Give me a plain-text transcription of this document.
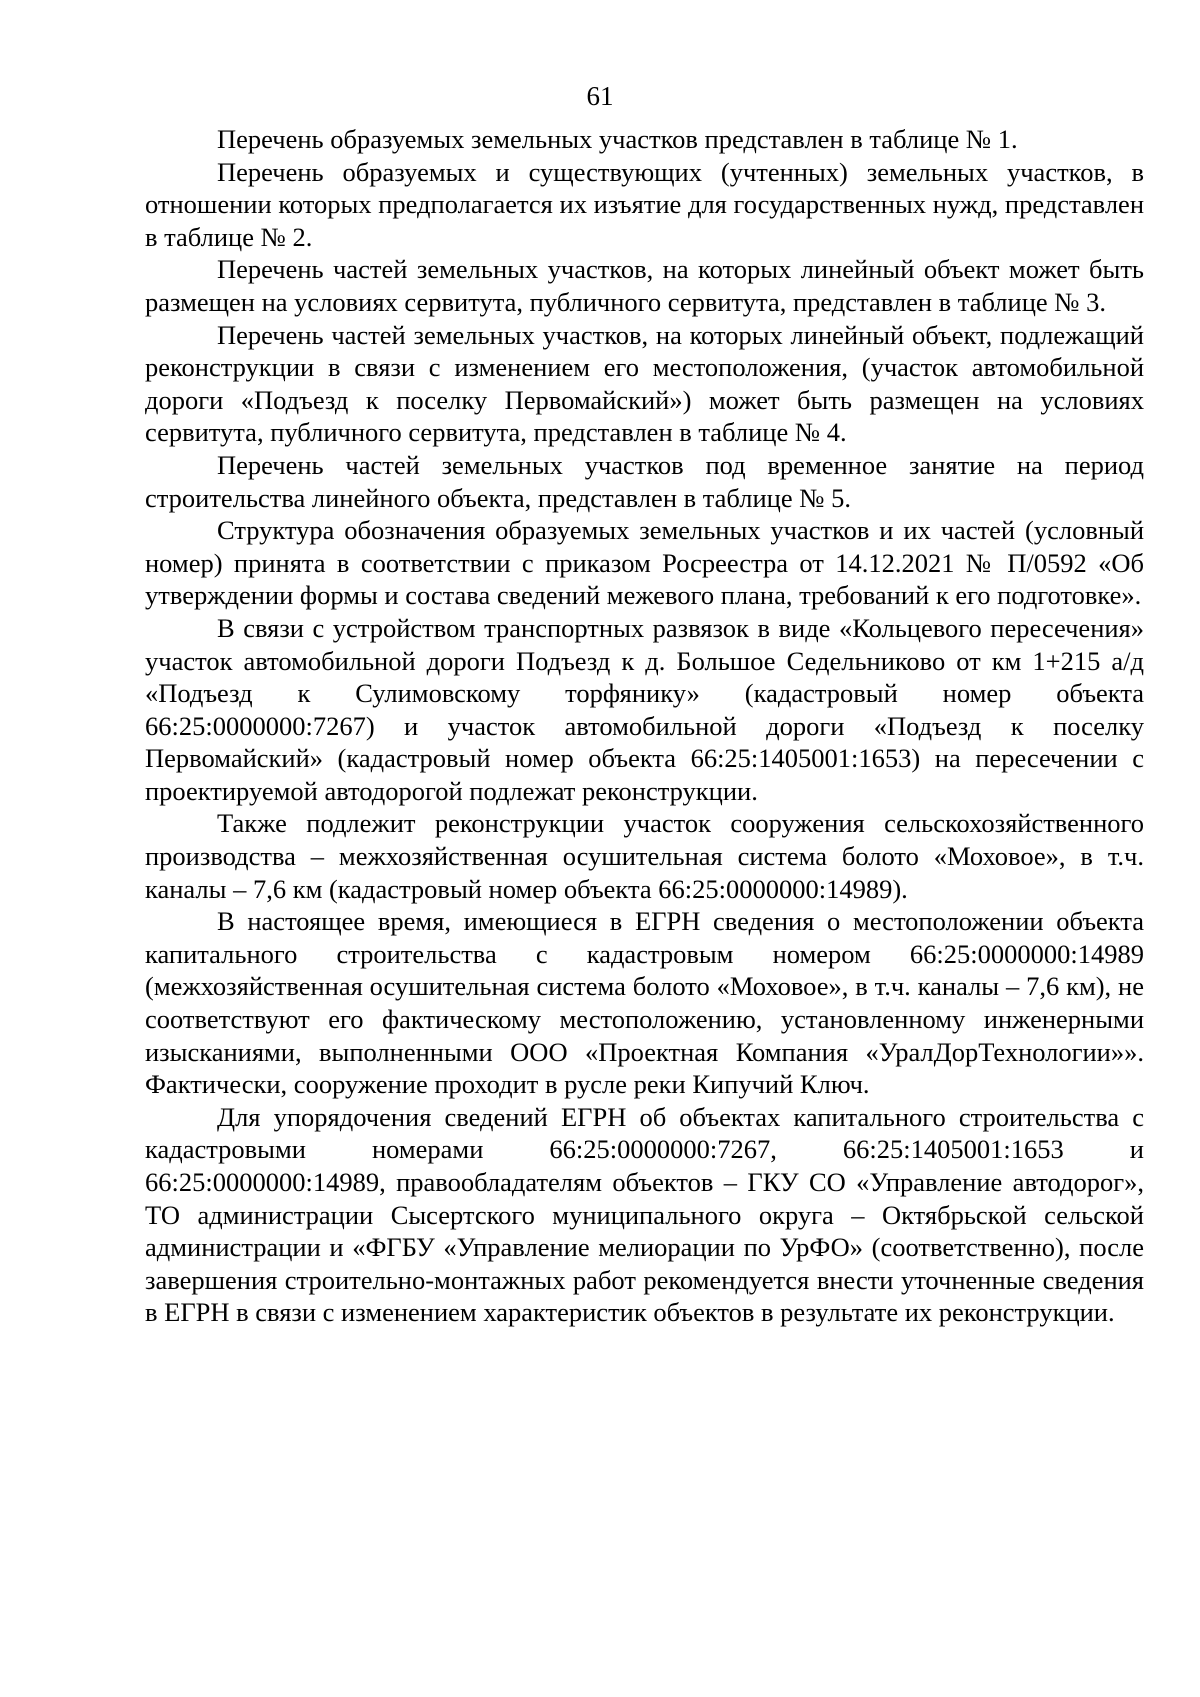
61

Перечень образуемых земельных участков представлен в таблице № 1.

Перечень образуемых и существующих (учтенных) земельных участков, в отношении которых предполагается их изъятие для государственных нужд, представлен в таблице № 2.

Перечень частей земельных участков, на которых линейный объект может быть размещен на условиях сервитута, публичного сервитута, представлен в таблице № 3.

Перечень частей земельных участков, на которых линейный объект, подлежащий реконструкции в связи с изменением его местоположения, (участок автомобильной дороги «Подъезд к поселку Первомайский») может быть размещен на условиях сервитута, публичного сервитута, представлен в таблице № 4.

Перечень частей земельных участков под временное занятие на период строительства линейного объекта, представлен в таблице № 5.

Структура обозначения образуемых земельных участков и их частей (условный номер) принята в соответствии с приказом Росреестра от 14.12.2021 № П/0592 «Об утверждении формы и состава сведений межевого плана, требований к его подготовке».

В связи с устройством транспортных развязок в виде «Кольцевого пересечения» участок автомобильной дороги Подъезд к д. Большое Седельниково от км 1+215 а/д «Подъезд к Сулимовскому торфянику» (кадастровый номер объекта 66:25:0000000:7267) и участок автомобильной дороги «Подъезд к поселку Первомайский» (кадастровый номер объекта 66:25:1405001:1653) на пересечении с проектируемой автодорогой подлежат реконструкции.

Также подлежит реконструкции участок сооружения сельскохозяйственного производства – межхозяйственная осушительная система болото «Моховое», в т.ч. каналы – 7,6 км (кадастровый номер объекта 66:25:0000000:14989).

В настоящее время, имеющиеся в ЕГРН сведения о местоположении объекта капитального строительства с кадастровым номером 66:25:0000000:14989 (межхозяйственная осушительная система болото «Моховое», в т.ч. каналы – 7,6 км), не соответствуют его фактическому местоположению, установленному инженерными изысканиями, выполненными ООО «Проектная Компания «УралДорТехнологии»». Фактически, сооружение проходит в русле реки Кипучий Ключ.

Для упорядочения сведений ЕГРН об объектах капитального строительства с кадастровыми номерами 66:25:0000000:7267, 66:25:1405001:1653 и 66:25:0000000:14989, правообладателям объектов – ГКУ СО «Управление автодорог», ТО администрации Сысертского муниципального округа – Октябрьской сельской администрации и «ФГБУ «Управление мелиорации по УрФО» (соответственно), после завершения строительно-монтажных работ рекомендуется внести уточненные сведения в ЕГРН в связи с изменением характеристик объектов в результате их реконструкции.
